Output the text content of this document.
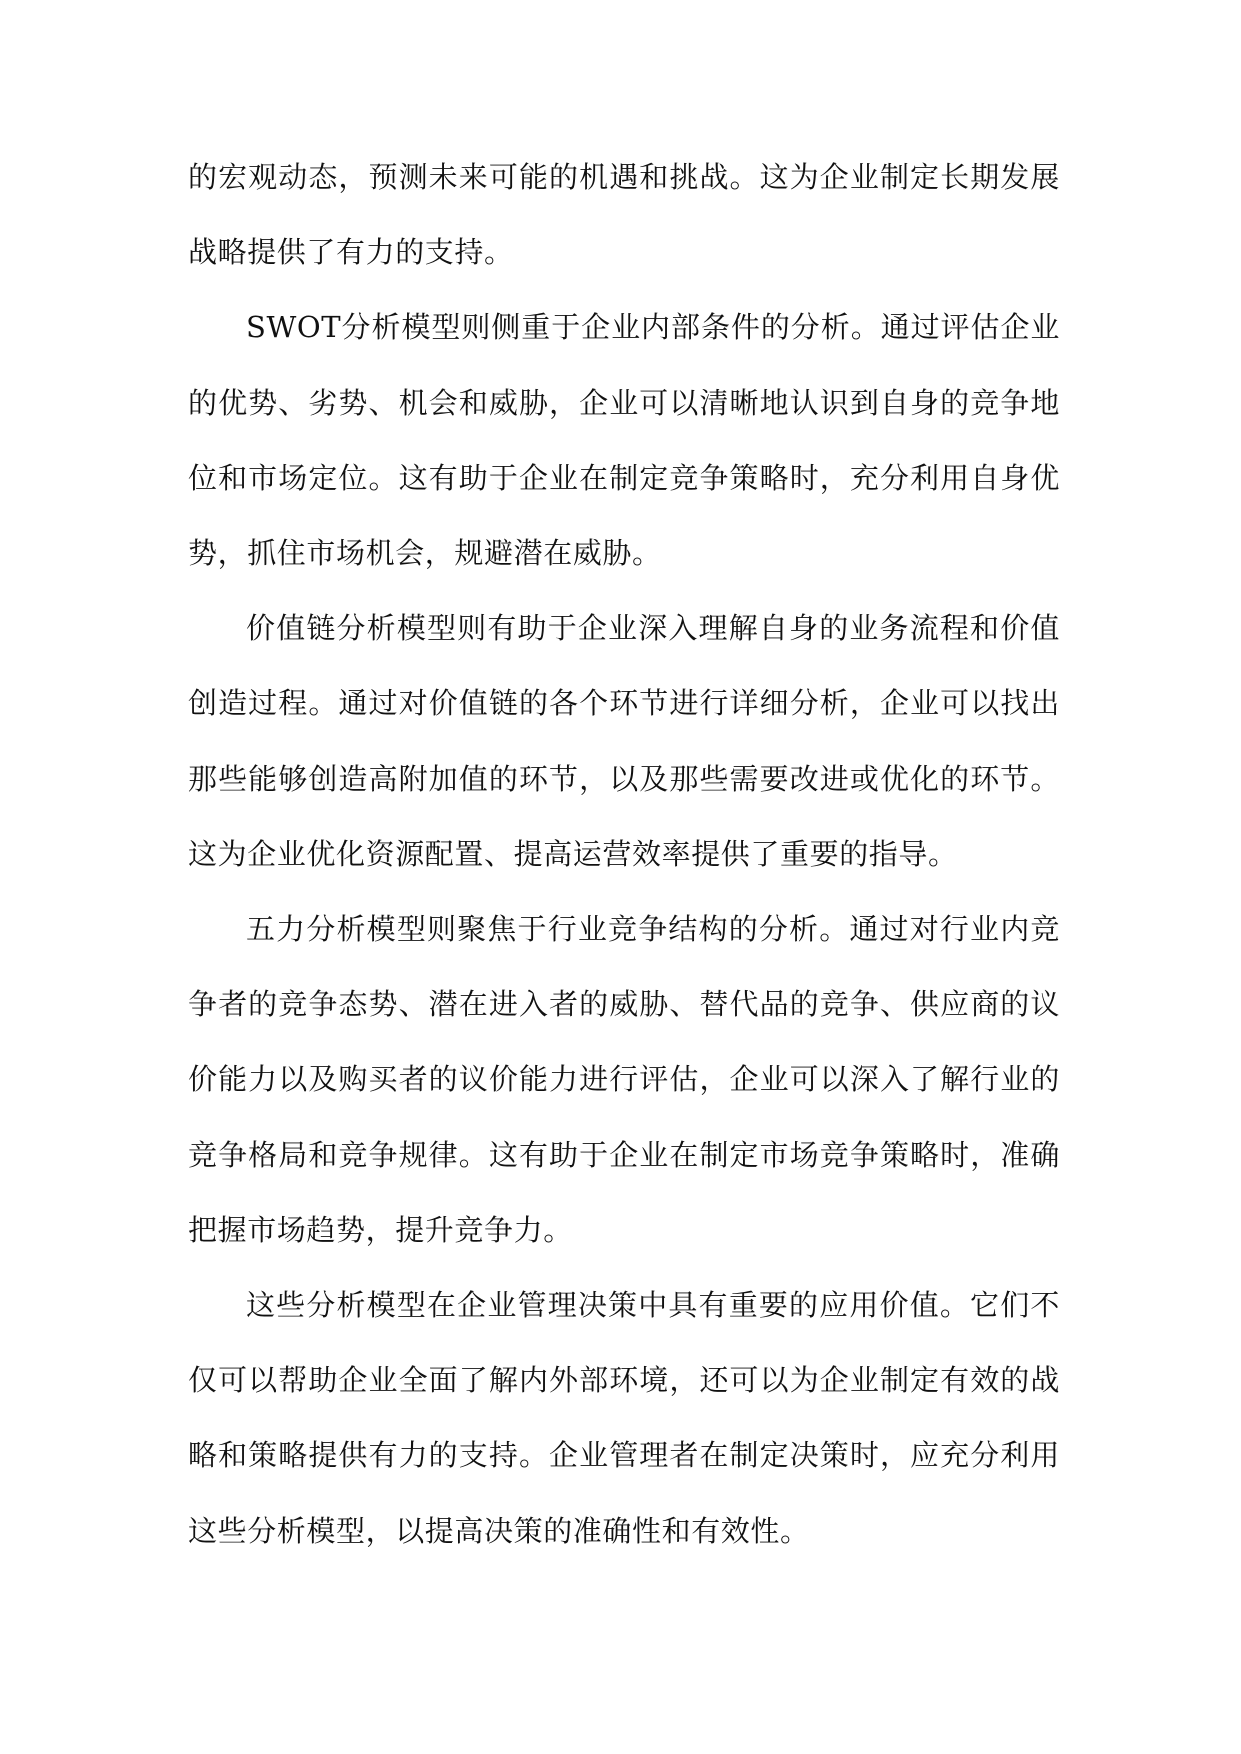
的宏观动态，预测未来可能的机遇和挑战。这为企业制定长期发展战略提供了有力的支持。

SWOT分析模型则侧重于企业内部条件的分析。通过评估企业的优势、劣势、机会和威胁，企业可以清晰地认识到自身的竞争地位和市场定位。这有助于企业在制定竞争策略时，充分利用自身优势，抓住市场机会，规避潜在威胁。

价值链分析模型则有助于企业深入理解自身的业务流程和价值创造过程。通过对价值链的各个环节进行详细分析，企业可以找出那些能够创造高附加值的环节，以及那些需要改进或优化的环节。这为企业优化资源配置、提高运营效率提供了重要的指导。

五力分析模型则聚焦于行业竞争结构的分析。通过对行业内竞争者的竞争态势、潜在进入者的威胁、替代品的竞争、供应商的议价能力以及购买者的议价能力进行评估，企业可以深入了解行业的竞争格局和竞争规律。这有助于企业在制定市场竞争策略时，准确把握市场趋势，提升竞争力。

这些分析模型在企业管理决策中具有重要的应用价值。它们不仅可以帮助企业全面了解内外部环境，还可以为企业制定有效的战略和策略提供有力的支持。企业管理者在制定决策时，应充分利用这些分析模型，以提高决策的准确性和有效性。
